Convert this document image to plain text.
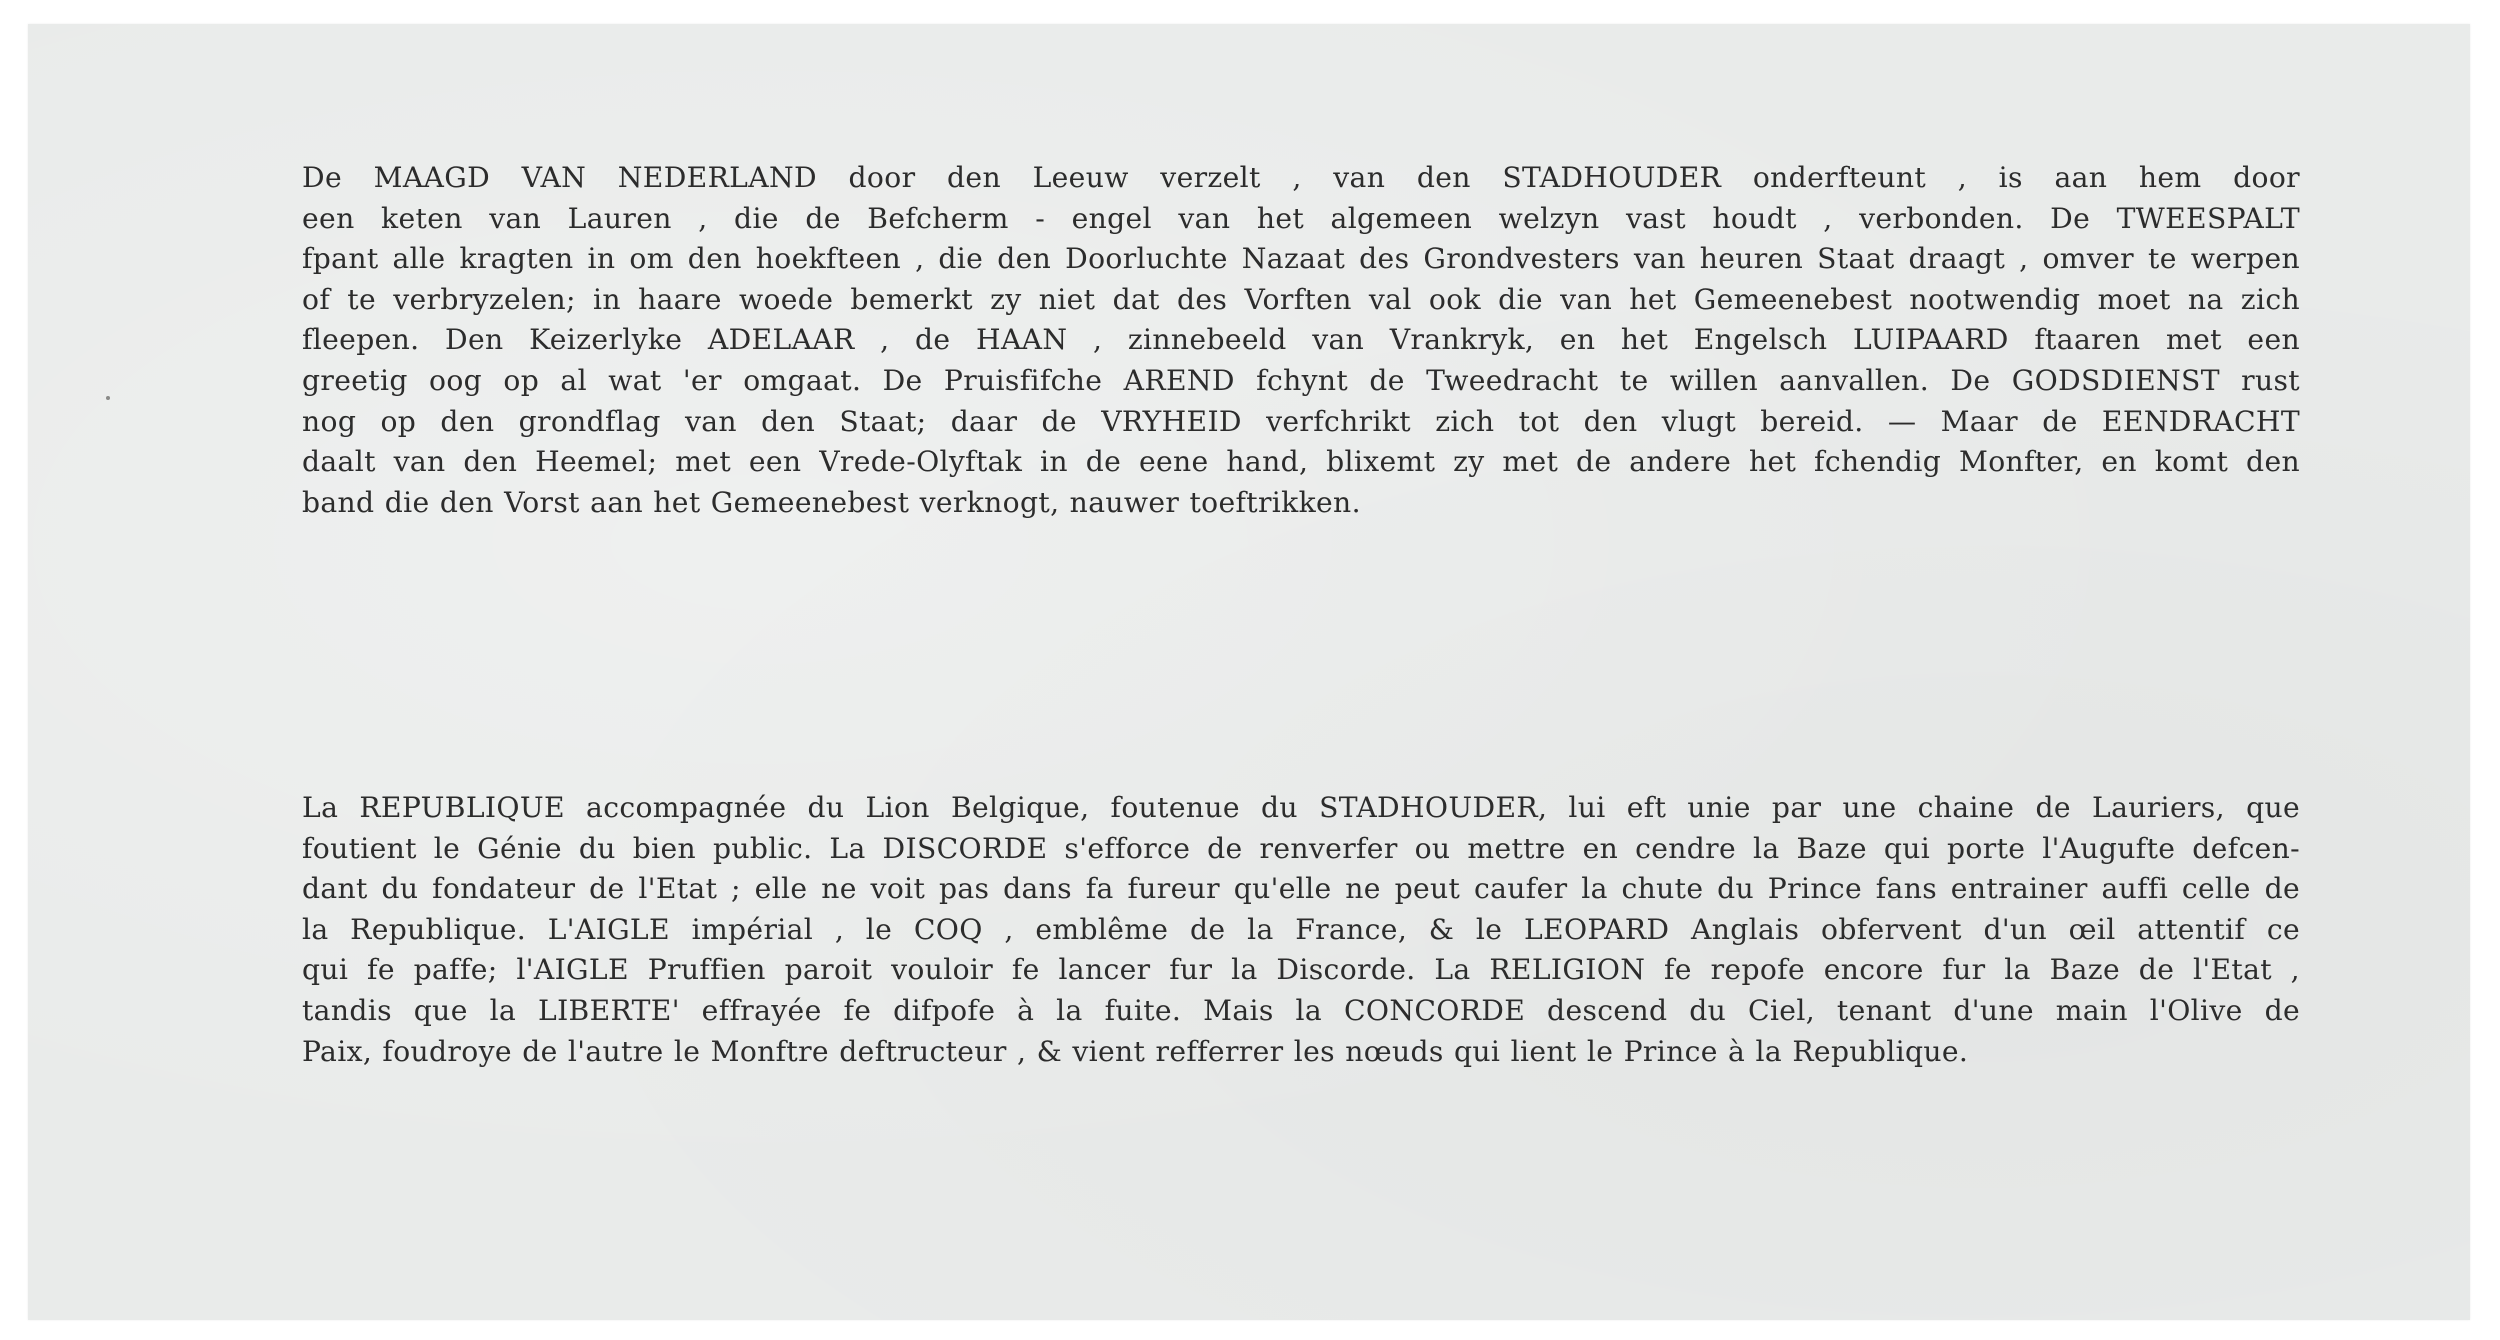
De MAAGD VAN NEDERLAND door den Leeuw verzelt , van den STADHOUDER onderfteunt , is aan hem door
een keten van Lauren , die de Befcherm - engel van het algemeen welzyn vast houdt , verbonden. De TWEESPALT
fpant alle kragten in om den hoekfteen , die den Doorluchte Nazaat des Grondvesters van heuren Staat draagt , omver te werpen
of te verbryzelen; in haare woede bemerkt zy niet dat des Vorften val ook die van het Gemeenebest nootwendig moet na zich
fleepen. Den Keizerlyke ADELAAR , de HAAN , zinnebeeld van Vrankryk, en het Engelsch LUIPAARD ftaaren met een
greetig oog op al wat 'er omgaat. De Pruisfifche AREND fchynt de Tweedracht te willen aanvallen. De GODSDIENST rust
nog op den grondflag van den Staat; daar de VRYHEID verfchrikt zich tot den vlugt bereid. — Maar de EENDRACHT
daalt van den Heemel; met een Vrede-Olyftak in de eene hand, blixemt zy met de andere het fchendig Monfter, en komt den
band die den Vorst aan het Gemeenebest verknogt, nauwer toeftrikken.
La REPUBLIQUE accompagnée du Lion Belgique, foutenue du STADHOUDER, lui eft unie par une chaine de Lauriers, que
foutient le Génie du bien public. La DISCORDE s'efforce de renverfer ou mettre en cendre la Baze qui porte l'Augufte defcen-
dant du fondateur de l'Etat ; elle ne voit pas dans fa fureur qu'elle ne peut caufer la chute du Prince fans entrainer auffi celle de
la Republique. L'AIGLE impérial , le COQ , emblême de la France, & le LEOPARD Anglais obfervent d'un œil attentif ce
qui fe paffe; l'AIGLE Pruffien paroit vouloir fe lancer fur la Discorde. La RELIGION fe repofe encore fur la Baze de l'Etat ,
tandis que la LIBERTE' effrayée fe difpofe à la fuite. Mais la CONCORDE descend du Ciel, tenant d'une main l'Olive de
Paix, foudroye de l'autre le Monftre deftructeur , & vient refferrer les nœuds qui lient le Prince à la Republique.
